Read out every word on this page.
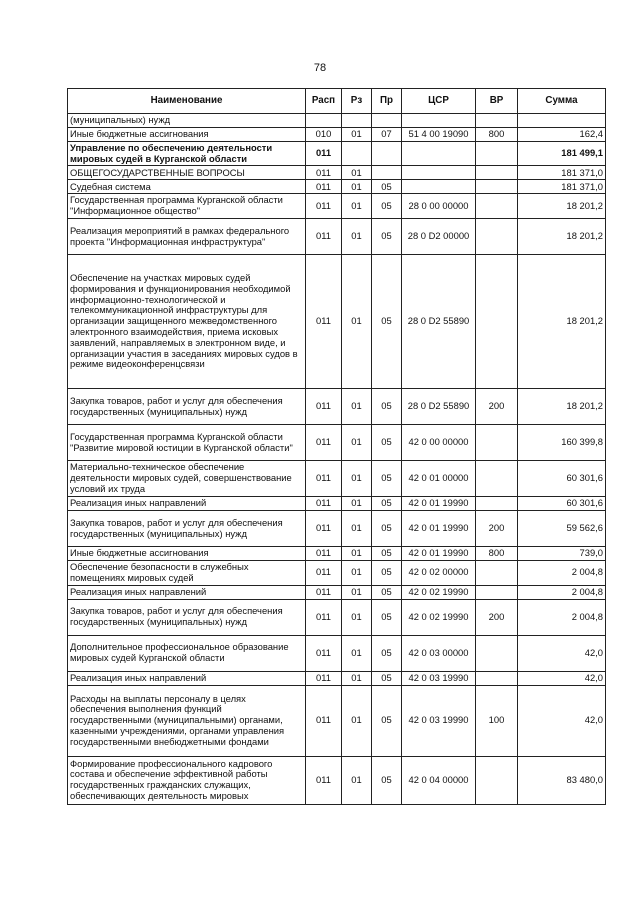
78
Наименование	Расп	Рз	Пр	ЦСР	ВР	Сумма
(муниципальных) нужд						
Иные бюджетные ассигнования	010	01	07	51 4 00 19090	800	162,4
Управление по обеспечению деятельности мировых судей в Курганской области	011					181 499,1
ОБЩЕГОСУДАРСТВЕННЫЕ ВОПРОСЫ	011	01				181 371,0
Судебная система	011	01	05			181 371,0
Государственная программа Курганской области "Информационное общество"	011	01	05	28 0 00 00000		18 201,2
Реализация мероприятий в рамках федерального проекта "Информационная инфраструктура"	011	01	05	28 0 D2 00000		18 201,2
Обеспечение на участках мировых судей формирования и функционирования необходимой информационно-технологической и телекоммуникационной инфраструктуры для организации защищенного межведомственного электронного взаимодействия, приема исковых заявлений, направляемых в электронном виде, и организации участия в заседаниях мировых судов в режиме видеоконференцсвязи	011	01	05	28 0 D2 55890		18 201,2
Закупка товаров, работ и услуг для обеспечения государственных (муниципальных) нужд	011	01	05	28 0 D2 55890	200	18 201,2
Государственная программа Курганской области "Развитие мировой юстиции в Курганской области"	011	01	05	42 0 00 00000		160 399,8
Материально-техническое обеспечение деятельности мировых судей, совершенствование условий их труда	011	01	05	42 0 01 00000		60 301,6
Реализация иных направлений	011	01	05	42 0 01 19990		60 301,6
Закупка товаров, работ и услуг для обеспечения государственных (муниципальных) нужд	011	01	05	42 0 01 19990	200	59 562,6
Иные бюджетные ассигнования	011	01	05	42 0 01 19990	800	739,0
Обеспечение безопасности в служебных помещениях мировых судей	011	01	05	42 0 02 00000		2 004,8
Реализация иных направлений	011	01	05	42 0 02 19990		2 004,8
Закупка товаров, работ и услуг для обеспечения государственных (муниципальных) нужд	011	01	05	42 0 02 19990	200	2 004,8
Дополнительное профессиональное образование мировых судей Курганской области	011	01	05	42 0 03 00000		42,0
Реализация иных направлений	011	01	05	42 0 03 19990		42,0
Расходы на выплаты персоналу в целях обеспечения выполнения функций государственными (муниципальными) органами, казенными учреждениями, органами управления государственными внебюджетными фондами	011	01	05	42 0 03 19990	100	42,0
Формирование профессионального кадрового состава и обеспечение эффективной работы государственных гражданских служащих, обеспечивающих деятельность мировых	011	01	05	42 0 04 00000		83 480,0
